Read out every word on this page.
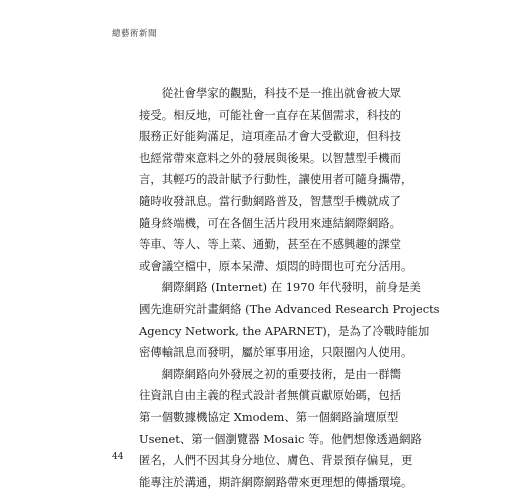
總藝術新聞
　　從社會學家的觀點，科技不是一推出就會被大眾
接受。相反地，可能社會一直存在某個需求，科技的
服務正好能夠滿足，這項產品才會大受歡迎，但科技
也經常帶來意料之外的發展與後果。以智慧型手機而
言，其輕巧的設計賦予行動性，讓使用者可隨身攜帶，
隨時收發訊息。當行動網路普及，智慧型手機就成了
隨身終端機，可在各個生活片段用來連結網際網路。
等車、等人、等上菜、通勤，甚至在不感興趣的課堂
或會議空檔中，原本呆滯、煩悶的時間也可充分活用。
　　網際網路 (Internet) 在 1970 年代發明，前身是美
國先進研究計畫網絡 (The Advanced Research Projects
Agency Network, the APARNET)，是為了冷戰時能加
密傳輸訊息而發明，屬於軍事用途，只限圈內人使用。
　　網際網路向外發展之初的重要技術，是由一群嚮
往資訊自由主義的程式設計者無償貢獻原始碼，包括
第一個數據機協定 Xmodem、第一個網路論壇原型
Usenet、第一個瀏覽器 Mosaic 等。他們想像透過網路
匿名，人們不因其身分地位、膚色、背景預存偏見，更
能專注於溝通，期許網際網路帶來更理想的傳播環境。
44
